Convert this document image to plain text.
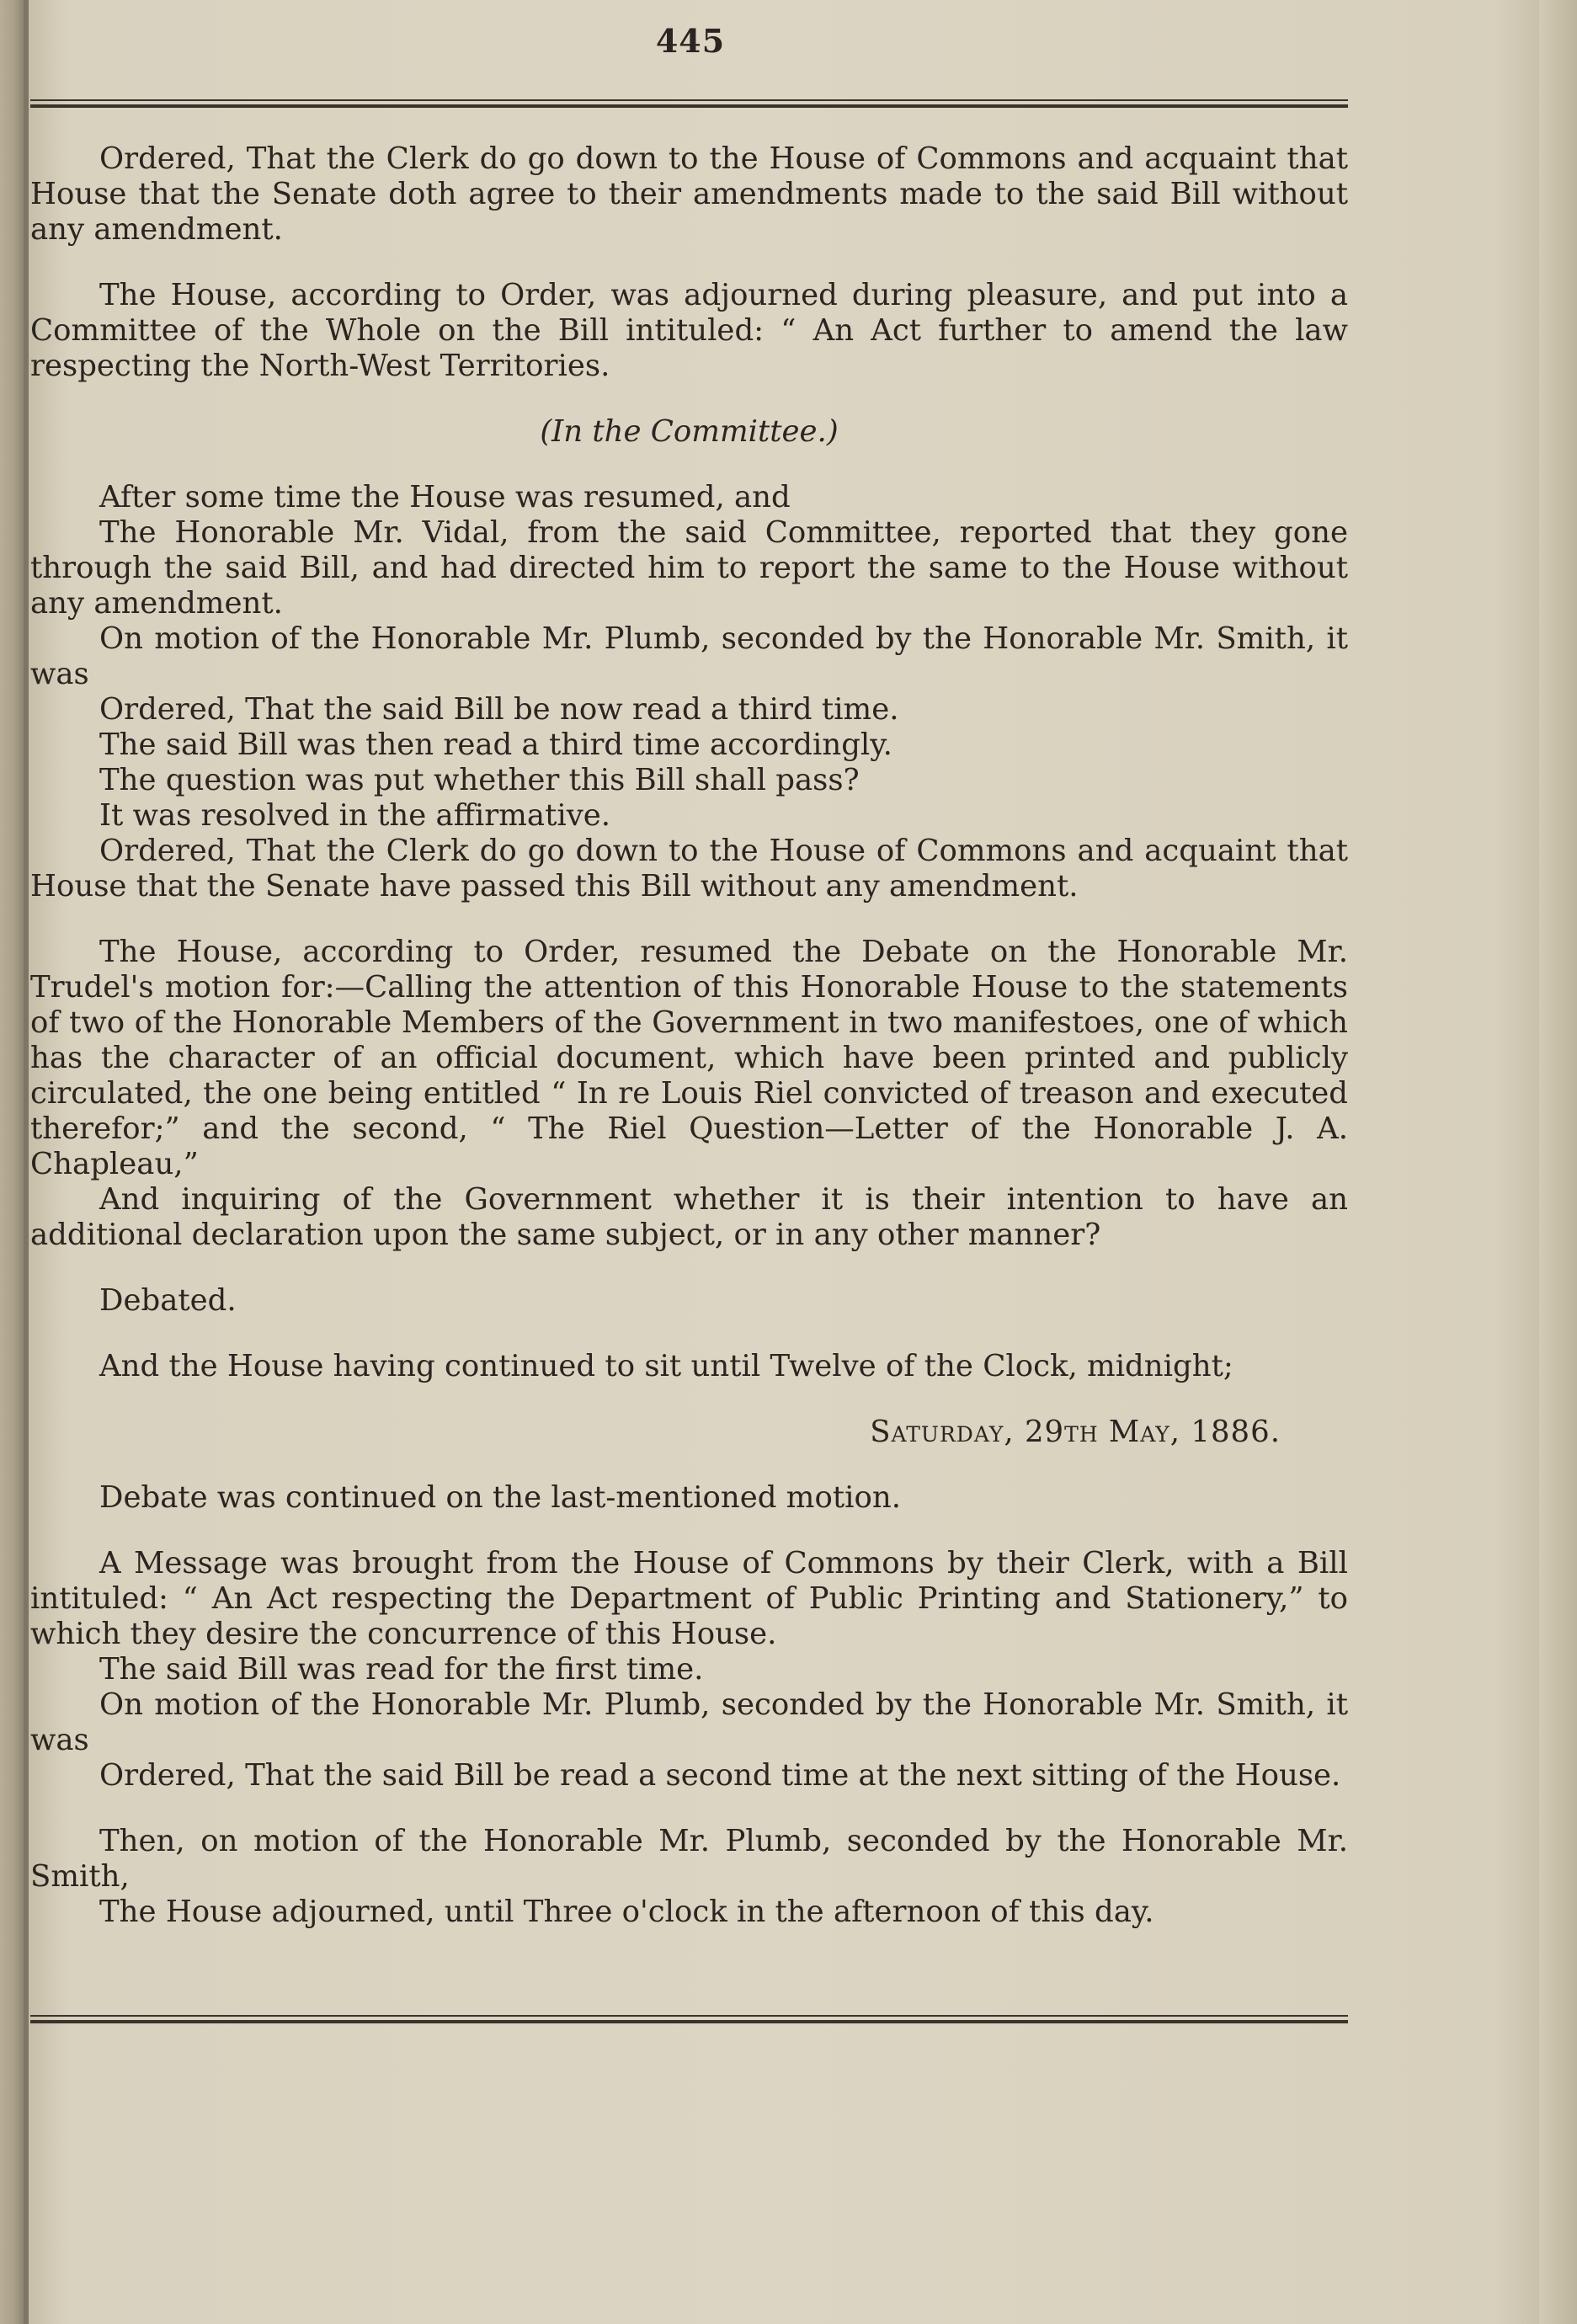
445

Ordered, That the Clerk do go down to the House of Commons and acquaint that House that the Senate doth agree to their amendments made to the said Bill without any amendment.

The House, according to Order, was adjourned during pleasure, and put into a Committee of the Whole on the Bill intituled: “ An Act further to amend the law respecting the North-West Territories.

(In the Committee.)

After some time the House was resumed, and

The Honorable Mr. Vidal, from the said Committee, reported that they gone through the said Bill, and had directed him to report the same to the House without any amendment.

On motion of the Honorable Mr. Plumb, seconded by the Honorable Mr. Smith, it was

Ordered, That the said Bill be now read a third time.

The said Bill was then read a third time accordingly.

The question was put whether this Bill shall pass?

It was resolved in the affirmative.

Ordered, That the Clerk do go down to the House of Commons and acquaint that House that the Senate have passed this Bill without any amendment.

The House, according to Order, resumed the Debate on the Honorable Mr. Trudel's motion for:—Calling the attention of this Honorable House to the statements of two of the Honorable Members of the Government in two manifestoes, one of which has the character of an official document, which have been printed and publicly circulated, the one being entitled “ In re Louis Riel convicted of treason and executed therefor;” and the second, “ The Riel Question—Letter of the Honorable J. A. Chapleau,”

And inquiring of the Government whether it is their intention to have an additional declaration upon the same subject, or in any other manner?

Debated.

And the House having continued to sit until Twelve of the Clock, midnight;

Saturday, 29th May, 1886.

Debate was continued on the last-mentioned motion.

A Message was brought from the House of Commons by their Clerk, with a Bill intituled: “ An Act respecting the Department of Public Printing and Stationery,” to which they desire the concurrence of this House.

The said Bill was read for the first time.

On motion of the Honorable Mr. Plumb, seconded by the Honorable Mr. Smith, it was

Ordered, That the said Bill be read a second time at the next sitting of the House.

Then, on motion of the Honorable Mr. Plumb, seconded by the Honorable Mr. Smith,

The House adjourned, until Three o'clock in the afternoon of this day.
